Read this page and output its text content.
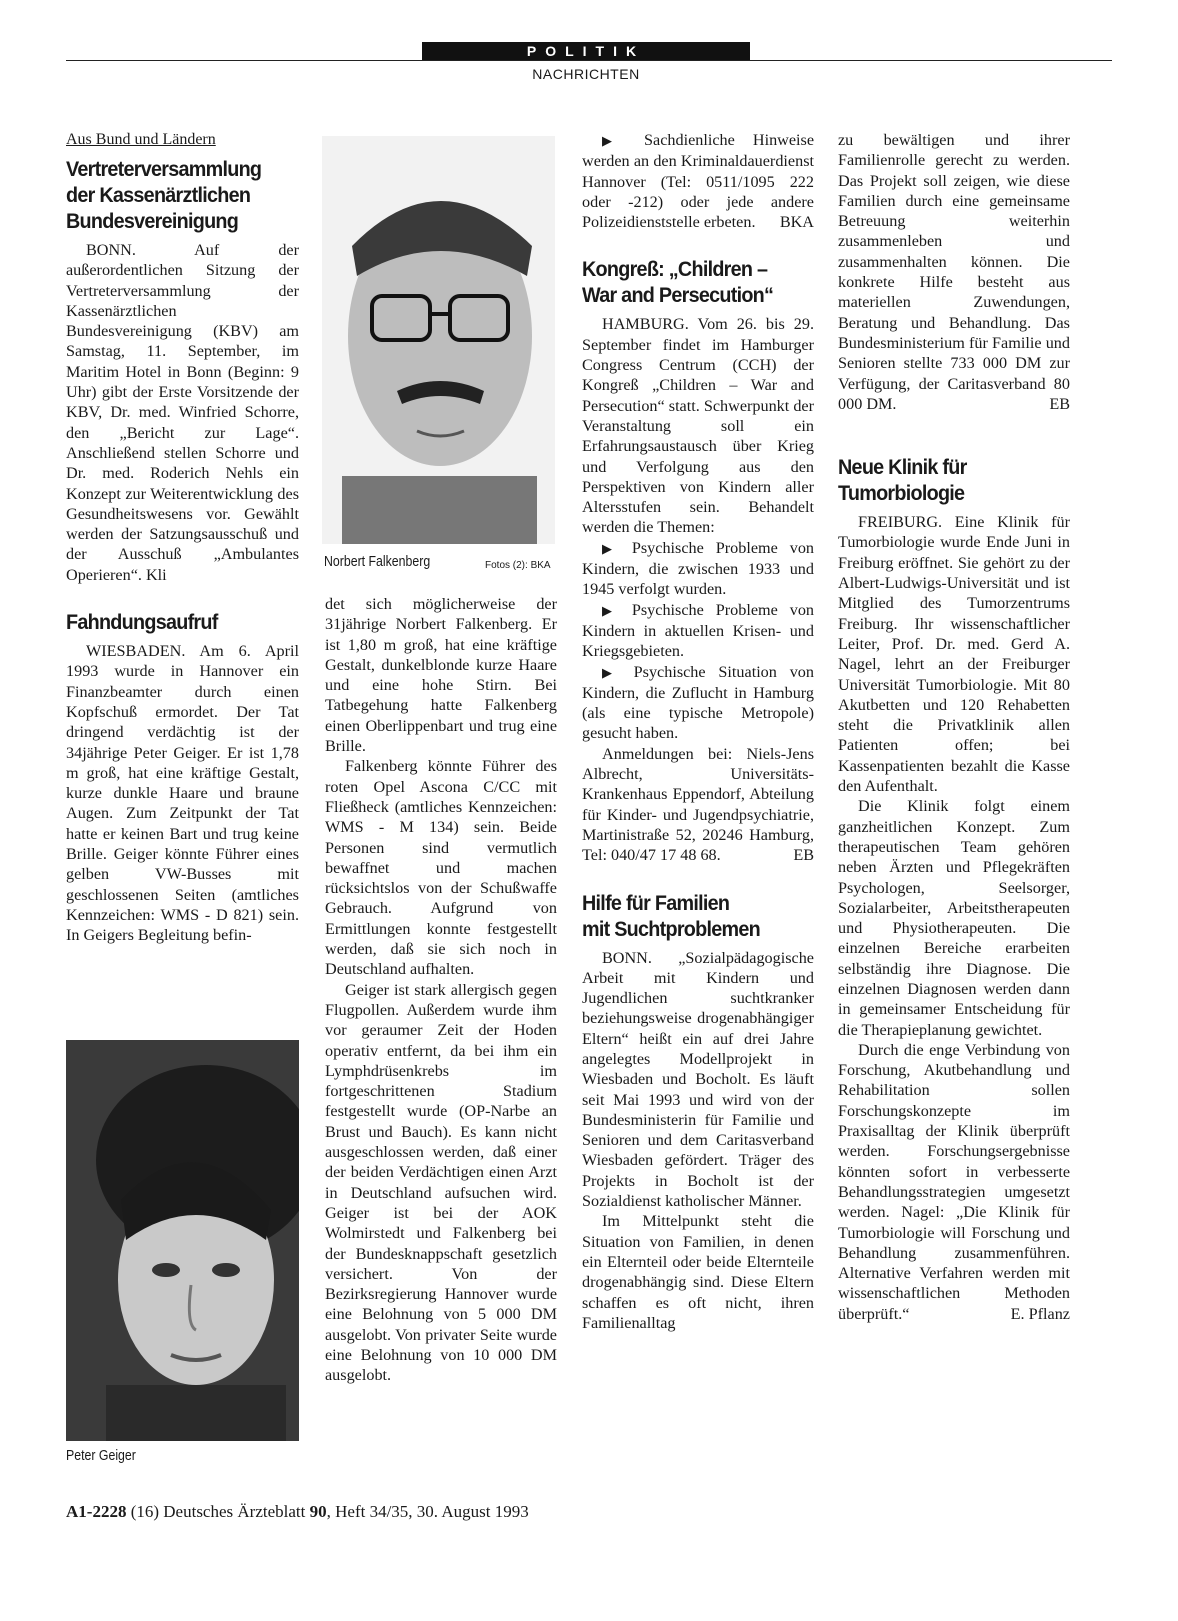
POLITIK
NACHRICHTEN
Aus Bund und Ländern
Vertreterversammlung
der Kassenärztlichen
Bundesvereinigung

BONN. Auf der außerordentlichen Sitzung der Vertreterversammlung der Kassenärztlichen Bundesvereinigung (KBV) am Samstag, 11. September, im Maritim Hotel in Bonn (Beginn: 9 Uhr) gibt der Erste Vorsitzende der KBV, Dr. med. Winfried Schorre, den „Bericht zur Lage“. Anschließend stellen Schorre und Dr. med. Roderich Nehls ein Konzept zur Weiterentwicklung des Gesundheitswesens vor. Gewählt werden der Satzungsausschuß und der Ausschuß „Ambulantes Operieren“. Kli

Fahndungsaufruf

WIESBADEN. Am 6. April 1993 wurde in Hannover ein Finanzbeamter durch einen Kopfschuß ermordet. Der Tat dringend verdächtig ist der 34jährige Peter Geiger. Er ist 1,78 m groß, hat eine kräftige Gestalt, kurze dunkle Haare und braune Augen. Zum Zeitpunkt der Tat hatte er keinen Bart und trug keine Brille. Geiger könnte Führer eines gelben VW-Busses mit geschlossenen Seiten (amtliches Kennzeichen: WMS - D 821) sein. In Geigers Begleitung befin-

Peter Geiger
Norbert Falkenberg	Fotos (2): BKA

det sich möglicherweise der 31jährige Norbert Falkenberg. Er ist 1,80 m groß, hat eine kräftige Gestalt, dunkelblonde kurze Haare und eine hohe Stirn. Bei Tatbegehung hatte Falkenberg einen Oberlippenbart und trug eine Brille.

Falkenberg könnte Führer des roten Opel Ascona C/CC mit Fließheck (amtliches Kennzeichen: WMS - M 134) sein. Beide Personen sind vermutlich bewaffnet und machen rücksichtslos von der Schußwaffe Gebrauch. Aufgrund von Ermittlungen konnte festgestellt werden, daß sie sich noch in Deutschland aufhalten.

Geiger ist stark allergisch gegen Flugpollen. Außerdem wurde ihm vor geraumer Zeit der Hoden operativ entfernt, da bei ihm ein Lymphdrüsenkrebs im fortgeschrittenen Stadium festgestellt wurde (OP-Narbe an Brust und Bauch). Es kann nicht ausgeschlossen werden, daß einer der beiden Verdächtigen einen Arzt in Deutschland aufsuchen wird. Geiger ist bei der AOK Wolmirstedt und Falkenberg bei der Bundesknappschaft gesetzlich versichert. Von der Bezirksregierung Hannover wurde eine Belohnung von 5 000 DM ausgelobt. Von privater Seite wurde eine Belohnung von 10 000 DM ausgelobt.

▶ Sachdienliche Hinweise werden an den Kriminaldauerdienst Hannover (Tel: 0511/1095 222 oder -212) oder jede andere Polizeidienststelle erbeten. BKA

Kongreß: „Children –
War and Persecution“

HAMBURG. Vom 26. bis 29. September findet im Hamburger Congress Centrum (CCH) der Kongreß „Children – War and Persecution“ statt. Schwerpunkt der Veranstaltung soll ein Erfahrungsaustausch über Krieg und Verfolgung aus den Perspektiven von Kindern aller Altersstufen sein. Behandelt werden die Themen:

▶ Psychische Probleme von Kindern, die zwischen 1933 und 1945 verfolgt wurden.

▶ Psychische Probleme von Kindern in aktuellen Krisen- und Kriegsgebieten.

▶ Psychische Situation von Kindern, die Zuflucht in Hamburg (als eine typische Metropole) gesucht haben.

Anmeldungen bei: Niels-Jens Albrecht, Universitäts-Krankenhaus Eppendorf, Abteilung für Kinder- und Jugendpsychiatrie, Martinistraße 52, 20246 Hamburg, Tel: 040/47 17 48 68.	EB

Hilfe für Familien
mit Suchtproblemen

BONN. „Sozialpädagogische Arbeit mit Kindern und Jugendlichen suchtkranker beziehungsweise drogenabhängiger Eltern“ heißt ein auf drei Jahre angelegtes Modellprojekt in Wiesbaden und Bocholt. Es läuft seit Mai 1993 und wird von der Bundesministerin für Familie und Senioren und dem Caritasverband Wiesbaden gefördert. Träger des Projekts in Bocholt ist der Sozialdienst katholischer Männer.

Im Mittelpunkt steht die Situation von Familien, in denen ein Elternteil oder beide Elternteile drogenabhängig sind. Diese Eltern schaffen es oft nicht, ihren Familienalltag

zu bewältigen und ihrer Familienrolle gerecht zu werden. Das Projekt soll zeigen, wie diese Familien durch eine gemeinsame Betreuung weiterhin zusammenleben und zusammenhalten können. Die konkrete Hilfe besteht aus materiellen Zuwendungen, Beratung und Behandlung. Das Bundesministerium für Familie und Senioren stellte 733 000 DM zur Verfügung, der Caritasverband 80 000 DM.	EB

Neue Klinik für
Tumorbiologie

FREIBURG. Eine Klinik für Tumorbiologie wurde Ende Juni in Freiburg eröffnet. Sie gehört zu der Albert-Ludwigs-Universität und ist Mitglied des Tumorzentrums Freiburg. Ihr wissenschaftlicher Leiter, Prof. Dr. med. Gerd A. Nagel, lehrt an der Freiburger Universität Tumorbiologie. Mit 80 Akutbetten und 120 Rehabetten steht die Privatklinik allen Patienten offen; bei Kassenpatienten bezahlt die Kasse den Aufenthalt.

Die Klinik folgt einem ganzheitlichen Konzept. Zum therapeutischen Team gehören neben Ärzten und Pflegekräften Psychologen, Seelsorger, Sozialarbeiter, Arbeitstherapeuten und Physiotherapeuten. Die einzelnen Bereiche erarbeiten selbständig ihre Diagnose. Die einzelnen Diagnosen werden dann in gemeinsamer Entscheidung für die Therapieplanung gewichtet.

Durch die enge Verbindung von Forschung, Akutbehandlung und Rehabilitation sollen Forschungskonzepte im Praxisalltag der Klinik überprüft werden. Forschungsergebnisse könnten sofort in verbesserte Behandlungsstrategien umgesetzt werden. Nagel: „Die Klinik für Tumorbiologie will Forschung und Behandlung zusammenführen. Alternative Verfahren werden mit wissenschaftlichen Methoden überprüft.“	E. Pflanz

A1-2228 (16) Deutsches Ärzteblatt 90, Heft 34/35, 30. August 1993
